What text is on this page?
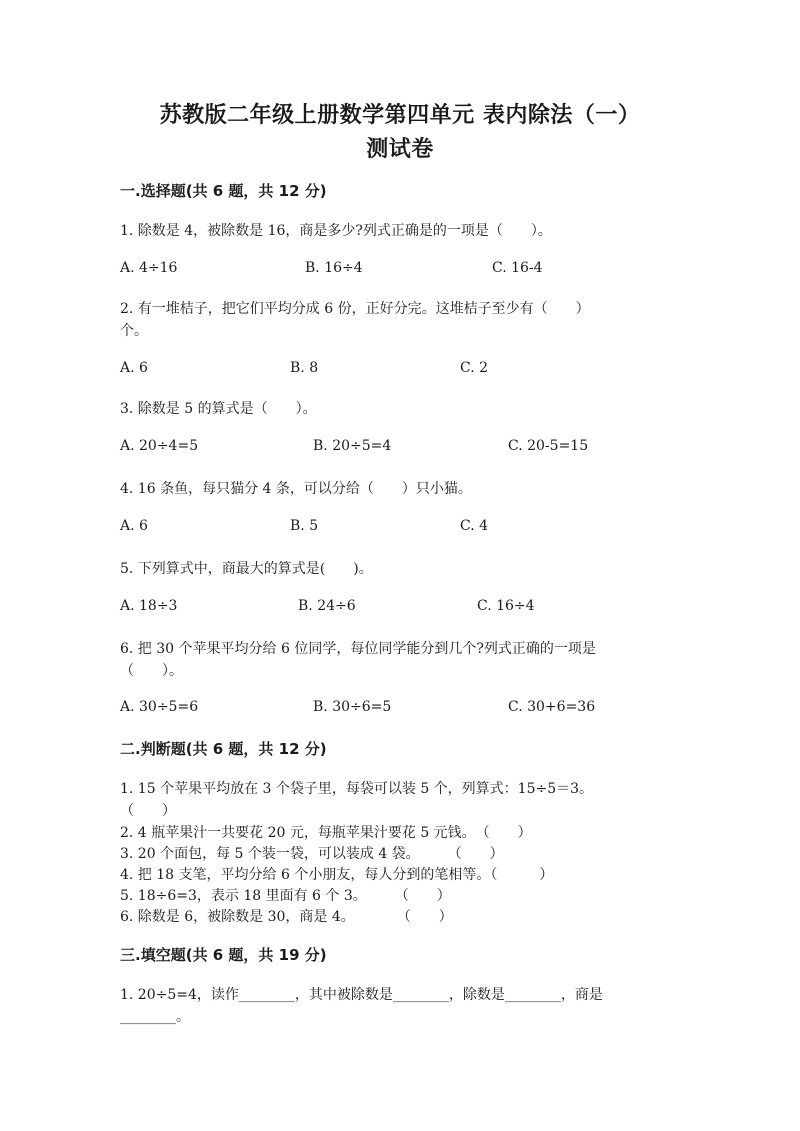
苏教版二年级上册数学第四单元 表内除法（一）
测试卷
一.选择题(共 6 题，共 12 分)
1. 除数是 4，被除数是 16，商是多少?列式正确是的一项是（　　）。
A. 4÷16	B. 16÷4	C. 16-4
2. 有一堆桔子，把它们平均分成 6 份，正好分完。这堆桔子至少有（　　）
个。
A. 6	B. 8	C. 2
3. 除数是 5 的算式是（　　）。
A. 20÷4=5	B. 20÷5=4	C. 20-5=15
4. 16 条鱼，每只猫分 4 条，可以分给（　　）只小猫。
A. 6	B. 5	C. 4
5. 下列算式中，商最大的算式是(　　)。
A. 18÷3	B. 24÷6	C. 16÷4
6. 把 30 个苹果平均分给 6 位同学，每位同学能分到几个?列式正确的一项是
（　　）。
A. 30÷5=6	B. 30÷6=5	C. 30+6=36
二.判断题(共 6 题，共 12 分)
1. 15 个苹果平均放在 3 个袋子里，每袋可以装 5 个，列算式：15÷5＝3。
（　　）
2. 4 瓶苹果汁一共要花 20 元，每瓶苹果汁要花 5 元钱。　（　　）
3. 20 个面包，每 5 个装一袋，可以装成 4 袋。　　　（　　）
4. 把 18 支笔，平均分给 6 个小朋友，每人分到的笔相等。（　　　）
5. 18÷6=3，表示 18 里面有 6 个 3。　　　（　　）
6. 除数是 6，被除数是 30，商是 4。　　　　（　　）
三.填空题(共 6 题，共 19 分)
1. 20÷5=4，读作________，其中被除数是________，除数是________，商是
________。
